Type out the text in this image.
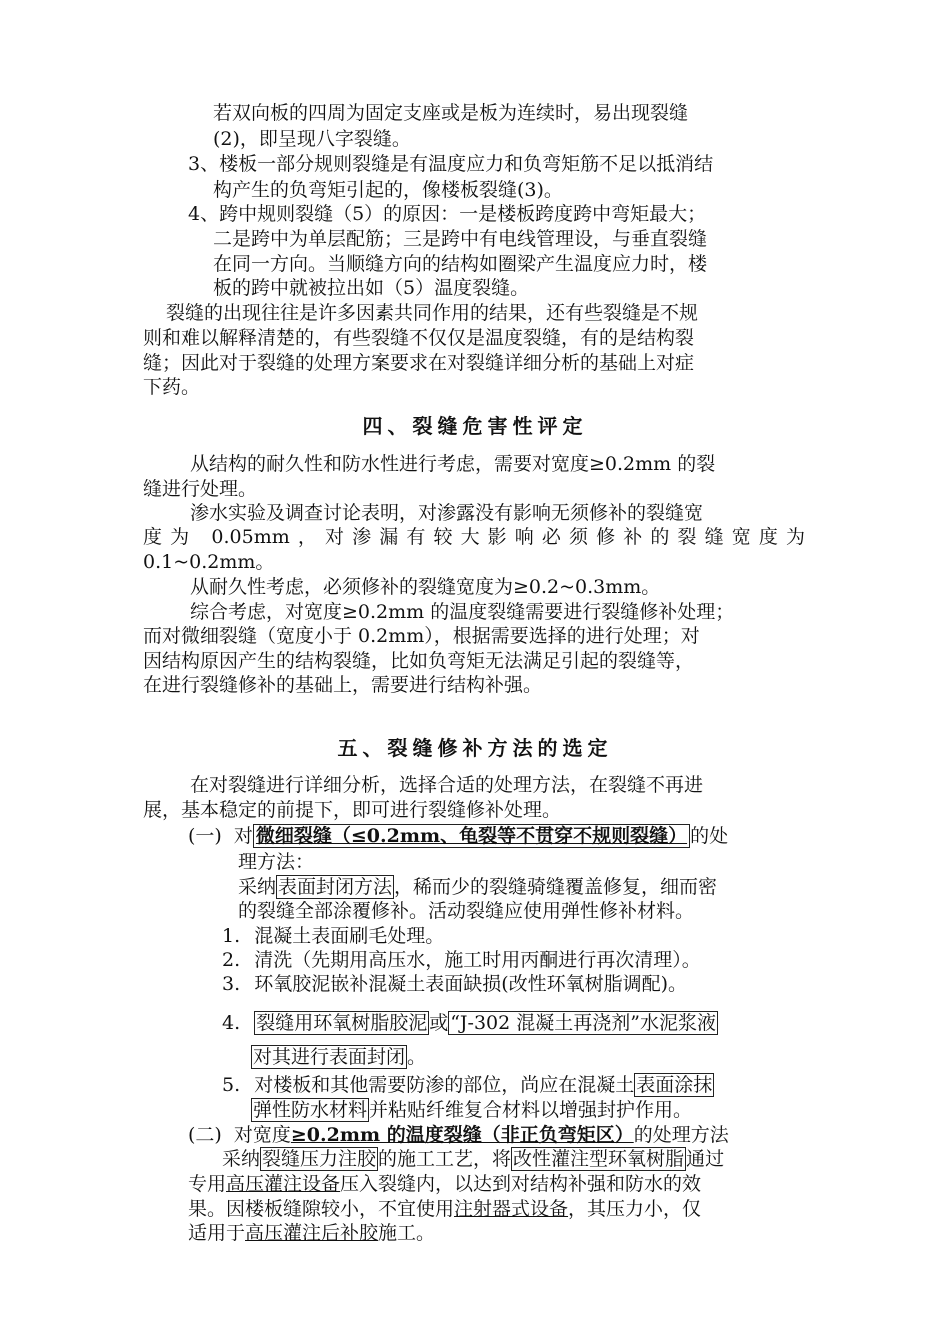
若双向板的四周为固定支座或是板为连续时，易出现裂缝
(2)，即呈现八字裂缝。
3、楼板一部分规则裂缝是有温度应力和负弯矩筋不足以抵消结
构产生的负弯矩引起的，像楼板裂缝(3)。
4、跨中规则裂缝（5）的原因：一是楼板跨度跨中弯矩最大；
二是跨中为单层配筋；三是跨中有电线管理设，与垂直裂缝
在同一方向。当顺缝方向的结构如圈梁产生温度应力时，楼
板的跨中就被拉出如（5）温度裂缝。
裂缝的出现往往是许多因素共同作用的结果，还有些裂缝是不规
则和难以解释清楚的，有些裂缝不仅仅是温度裂缝，有的是结构裂
缝；因此对于裂缝的处理方案要求在对裂缝详细分析的基础上对症
下药。
四、裂缝危害性评定
从结构的耐久性和防水性进行考虑，需要对宽度≥0.2mm 的裂
缝进行处理。
渗水实验及调查讨论表明，对渗露没有影响无须修补的裂缝宽
度为 0.05mm，对渗漏有较大影响必须修补的裂缝宽度为
0.1~0.2mm。
从耐久性考虑，必须修补的裂缝宽度为≥0.2~0.3mm。
综合考虑，对宽度≥0.2mm 的温度裂缝需要进行裂缝修补处理；
而对微细裂缝（宽度小于 0.2mm），根据需要选择的进行处理；对
因结构原因产生的结构裂缝，比如负弯矩无法满足引起的裂缝等，
在进行裂缝修补的基础上，需要进行结构补强。
五、裂缝修补方法的选定
在对裂缝进行详细分析，选择合适的处理方法，在裂缝不再进
展，基本稳定的前提下，即可进行裂缝修补处理。
(一) 对 微细裂缝（≤0.2mm、龟裂等不贯穿不规则裂缝） 的处
理方法：
采纳 表面封闭方法 ，稀而少的裂缝骑缝覆盖修复，细而密
的裂缝全部涂覆修补。活动裂缝应使用弹性修补材料。
1. 混凝土表面刷毛处理。
2. 清洗（先期用高压水，施工时用丙酮进行再次清理）。
3. 环氧胶泥嵌补混凝土表面缺损(改性环氧树脂调配)。
4. 裂缝用环氧树脂胶泥 或 “J-302 混凝土再浇剂”水泥浆液
对其进行表面封闭 。
5. 对楼板和其他需要防渗的部位，尚应在混凝土 表面涂抹
弹性防水材料 并粘贴纤维复合材料以增强封护作用。
(二) 对宽度≥0.2mm 的温度裂缝（非正负弯矩区）的处理方法
采纳 裂缝压力注胶 的施工工艺，将 改性灌注型环氧树脂 通过
专用高压灌注设备压入裂缝内，以达到对结构补强和防水的效
果。因楼板缝隙较小，不宜使用注射器式设备，其压力小，仅
适用于高压灌注后补胶施工。
